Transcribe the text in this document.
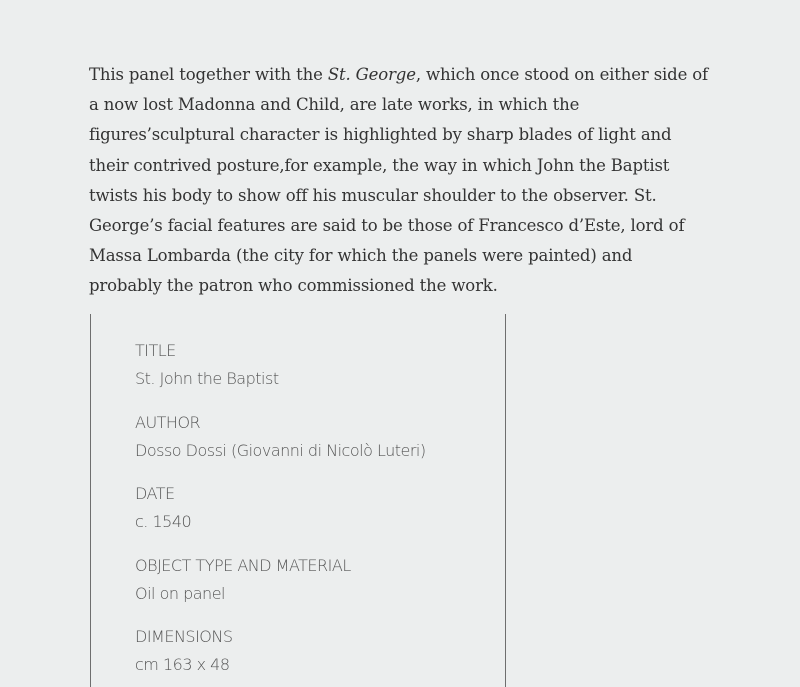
This panel together with the St. George, which once stood on either side of
a now lost Madonna and Child, are late works, in which the
figures’sculptural character is highlighted by sharp blades of light and
their contrived posture,for example, the way in which John the Baptist
twists his body to show off his muscular shoulder to the observer. St.
George’s facial features are said to be those of Francesco d’Este, lord of
Massa Lombarda (the city for which the panels were painted) and
probably the patron who commissioned the work.

TITLE
St. John the Baptist
AUTHOR
Dosso Dossi (Giovanni di Nicolò Luteri)
DATE
c. 1540
OBJECT TYPE AND MATERIAL
Oil on panel
DIMENSIONS
cm 163 x 48
